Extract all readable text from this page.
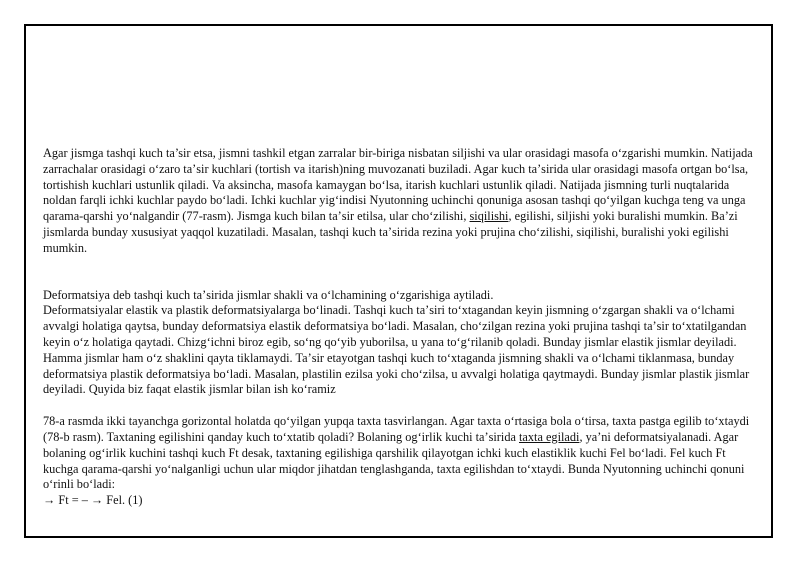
Agar jismga tashqi kuch ta’sir etsa, jismni tashkil etgan zarralar bir-biriga nisbatan siljishi va ular orasidagi masofa oʻzgarishi mumkin. Natijada zarrachalar orasidagi oʻzaro taʼsir kuchlari (tortish va itarish)ning muvozanati buziladi. Agar kuch taʼsirida ular orasidagi masofa ortgan boʻlsa, tortishish kuchlari ustunlik qiladi. Va aksincha, masofa kamaygan boʻlsa, itarish kuchlari ustunlik qiladi. Natijada jismning turli nuqtalarida noldan farqli ichki kuchlar paydo boʻladi. Ichki kuchlar yigʻindisi Nyutonning uchinchi qonuniga asosan tashqi qoʻyilgan kuchga teng va unga qarama-qarshi yoʻnalgandir (77-rasm). Jismga kuch bilan taʼsir etilsa, ular choʻzilishi, siqilishi, egilishi, siljishi yoki buralishi mumkin. Baʼzi jismlarda bunday xususiyat yaqqol kuzatiladi. Masalan, tashqi kuch taʼsirida rezina yoki prujina choʻzilishi, siqilishi, buralishi yoki egilishi mumkin.

Deformatsiya deb tashqi kuch taʼsirida jismlar shakli va oʻlchamining oʻzgarishiga aytiladi.

Deformatsiyalar elastik va plastik deformatsiyalarga boʻlinadi. Tashqi kuch taʼsiri toʻxtagandan keyin jismning oʻzgargan shakli va oʻlchami avvalgi holatiga qaytsa, bunday deformatsiya elastik deformatsiya boʻladi. Masalan, choʻzilgan rezina yoki prujina tashqi taʼsir toʻxtatilgandan keyin oʻz holatiga qaytadi. Chizgʻichni biroz egib, soʻng qoʻyib yuborilsa, u yana toʻgʻrilanib qoladi. Bunday jismlar elastik jismlar deyiladi. Hamma jismlar ham oʻz shaklini qayta tiklamaydi. Taʼsir etayotgan tashqi kuch toʻxtaganda jismning shakli va oʻlchami tiklanmasa, bunday deformatsiya plastik deformatsiya boʻladi. Masalan, plastilin ezilsa yoki choʻzilsa, u avvalgi holatiga qaytmaydi. Bunday jismlar plastik jismlar deyiladi. Quyida biz faqat elastik jismlar bilan ish koʻramiz

78-a rasmda ikki tayanchga gorizontal holatda qoʻyilgan yupqa taxta tasvirlangan. Agar taxta oʻrtasiga bola oʻtirsa, taxta pastga egilib toʻxtaydi (78-b rasm). Taxtaning egilishini qanday kuch toʻxtatib qoladi? Bolaning ogʻirlik kuchi taʼsirida taxta egiladi, yaʼni deformatsiyalanadi. Agar bolaning ogʻirlik kuchini tashqi kuch Ft desak, taxtaning egilishiga qarshilik qilayotgan ichki kuch elastiklik kuchi Fel boʻladi. Fel kuch Ft kuchga qarama-qarshi yoʻnalganligi uchun ular miqdor jihatdan tenglashganda, taxta egilishdan toʻxtaydi. Bunda Nyutonning uchinchi qonuni oʻrinli boʻladi:

→ Ft = – → Fel. (1)
